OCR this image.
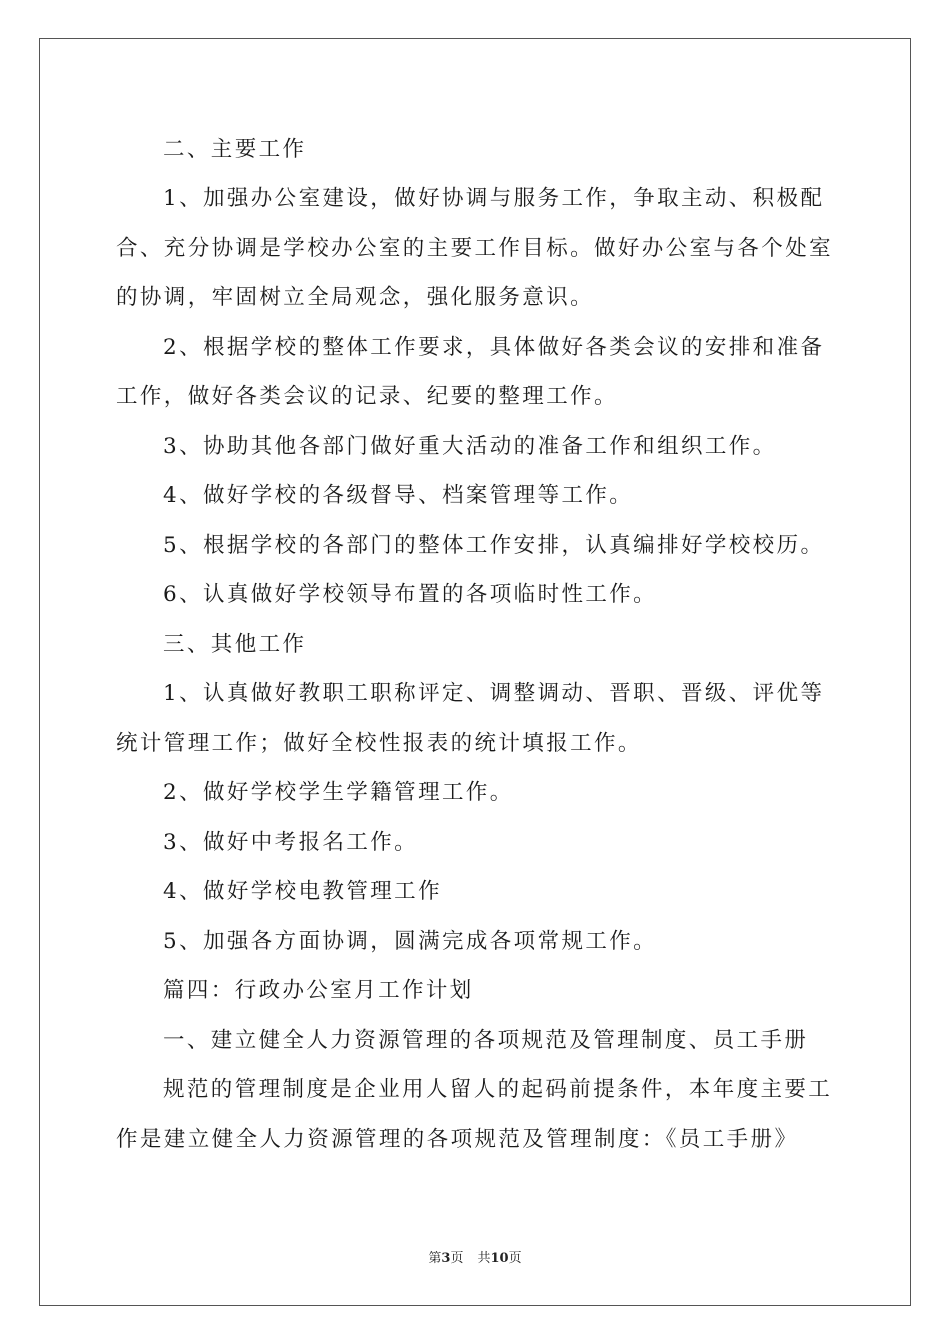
二、主要工作
1、加强办公室建设，做好协调与服务工作，争取主动、积极配
合、充分协调是学校办公室的主要工作目标。做好办公室与各个处室
的协调，牢固树立全局观念，强化服务意识。
2、根据学校的整体工作要求，具体做好各类会议的安排和准备
工作，做好各类会议的记录、纪要的整理工作。
3、协助其他各部门做好重大活动的准备工作和组织工作。
4、做好学校的各级督导、档案管理等工作。
5、根据学校的各部门的整体工作安排，认真编排好学校校历。
6、认真做好学校领导布置的各项临时性工作。
三、其他工作
1、认真做好教职工职称评定、调整调动、晋职、晋级、评优等
统计管理工作；做好全校性报表的统计填报工作。
2、做好学校学生学籍管理工作。
3、做好中考报名工作。
4、做好学校电教管理工作
5、加强各方面协调，圆满完成各项常规工作。
篇四：行政办公室月工作计划
一、建立健全人力资源管理的各项规范及管理制度、员工手册
规范的管理制度是企业用人留人的起码前提条件，本年度主要工
作是建立健全人力资源管理的各项规范及管理制度：《员工手册》
第3页 共10页
